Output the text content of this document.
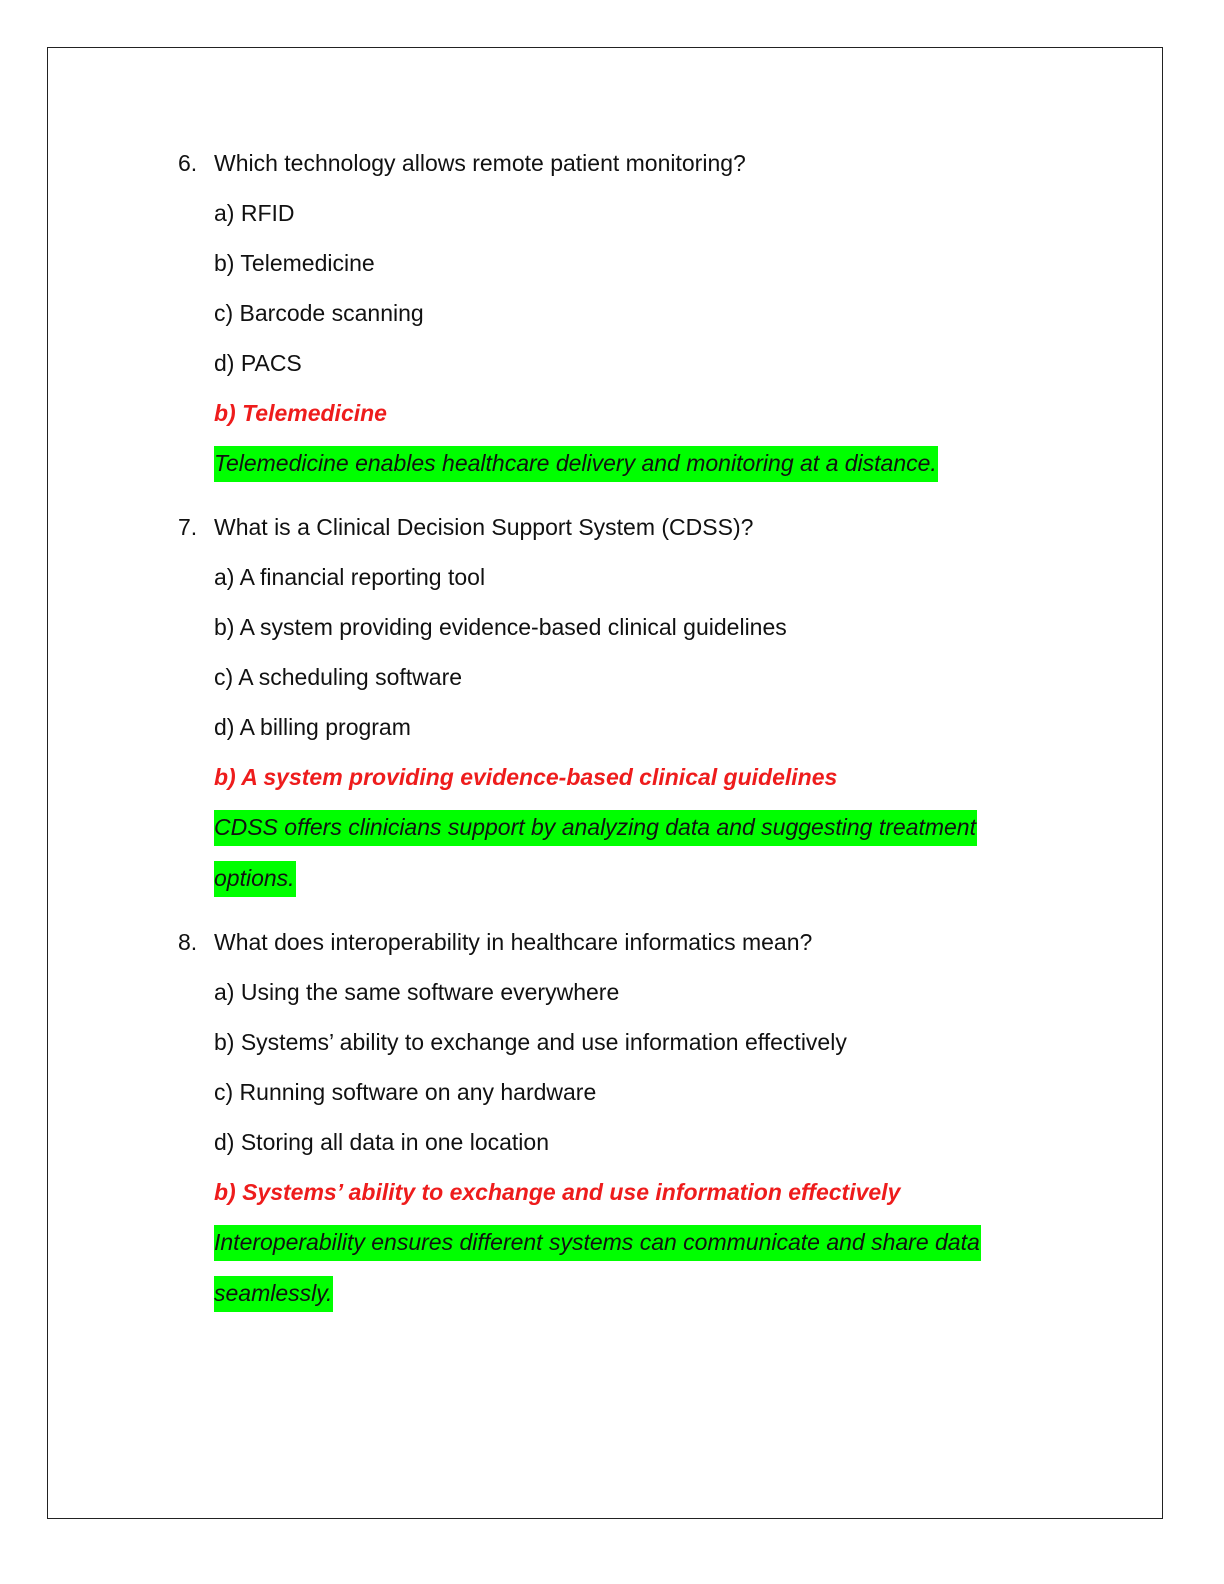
6. Which technology allows remote patient monitoring?
a) RFID
b) Telemedicine
c) Barcode scanning
d) PACS
b) Telemedicine
Telemedicine enables healthcare delivery and monitoring at a distance.
7. What is a Clinical Decision Support System (CDSS)?
a) A financial reporting tool
b) A system providing evidence-based clinical guidelines
c) A scheduling software
d) A billing program
b) A system providing evidence-based clinical guidelines
CDSS offers clinicians support by analyzing data and suggesting treatment
options.
8. What does interoperability in healthcare informatics mean?
a) Using the same software everywhere
b) Systems’ ability to exchange and use information effectively
c) Running software on any hardware
d) Storing all data in one location
b) Systems’ ability to exchange and use information effectively
Interoperability ensures different systems can communicate and share data
seamlessly.
